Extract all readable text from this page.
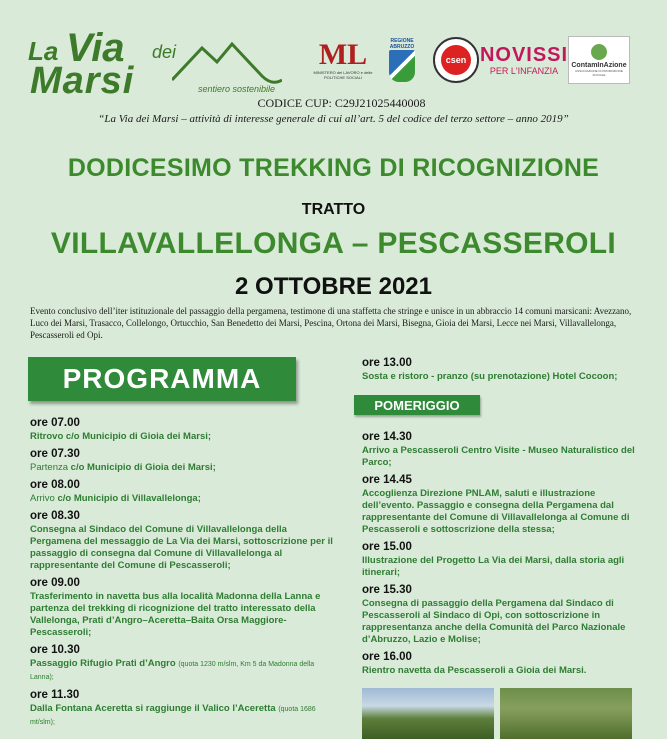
La Via dei
Marsi	sentiero sostenibile
ML
MINISTERO del LAVORO e delle POLITICHE SOCIALI
REGIONE ABRUZZO
csen NOVISSI
PER L'INFANZIA
ContamInAzione
ASSOCIAZIONE DI PROMOZIONE SOCIALE
CODICE CUP: C29J21025440008
“La Via dei Marsi – attività di interesse generale di cui all’art. 5 del codice del terzo settore – anno 2019”
DODICESIMO TREKKING DI RICOGNIZIONE
TRATTO
VILLAVALLELONGA – PESCASSEROLI
2 OTTOBRE 2021
Evento conclusivo dell’iter istituzionale del passaggio della pergamena, testimone di una staffetta che stringe e unisce in un abbraccio 14 comuni marsicani: Avezzano, Luco dei Marsi, Trasacco, Collelongo, Ortucchio, San Benedetto dei Marsi, Pescina, Ortona dei Marsi, Bisegna, Gioia dei Marsi, Lecce nei Marsi, Villavallelonga, Pescasseroli ed Opi.
PROGRAMMA
ore 07.00
Ritrovo c/o Municipio di Gioia dei Marsi;
ore 07.30
Partenza c/o Municipio di Gioia dei Marsi;
ore 08.00
Arrivo c/o Municipio di Villavallelonga;
ore 08.30
Consegna al Sindaco del Comune di Villavallelonga della Pergamena del messaggio de La Via dei Marsi, sottoscrizione per il passaggio di consegna dal Comune di Villavallelonga al rappresentante del Comune di Pescasseroli;
ore 09.00
Trasferimento in navetta bus alla località Madonna della Lanna e partenza del trekking di ricognizione del tratto interessato della Vallelonga, Prati d’Angro–Aceretta–Baita Orsa Maggiore-Pescasseroli;
ore 10.30
Passaggio Rifugio Prati d’Angro (quota 1230 m/slm, Km 5 da Madonna della Lanna);
ore 11.30
Dalla Fontana Aceretta si raggiunge il Valico l’Aceretta (quota 1686 mt/slm);
ore 13.00
Sosta e ristoro - pranzo (su prenotazione) Hotel Cocoon;
POMERIGGIO
ore 14.30
Arrivo a Pescasseroli Centro Visite - Museo Naturalistico del Parco;
ore 14.45
Accoglienza Direzione PNLAM, saluti e illustrazione dell’evento. Passaggio e consegna della Pergamena dal rappresentante del Comune di Villavallelonga al Comune di Pescasseroli e sottoscrizione della stessa;
ore 15.00
Illustrazione del Progetto La Via dei Marsi, dalla storia agli itinerari;
ore 15.30
Consegna di passaggio della Pergamena dal Sindaco di Pescasseroli al Sindaco di Opi, con sottoscrizione in rappresentanza anche della Comunità del Parco Nazionale d’Abruzzo, Lazio e Molise;
ore 16.00
Rientro navetta da Pescasseroli a Gioia dei Marsi.
